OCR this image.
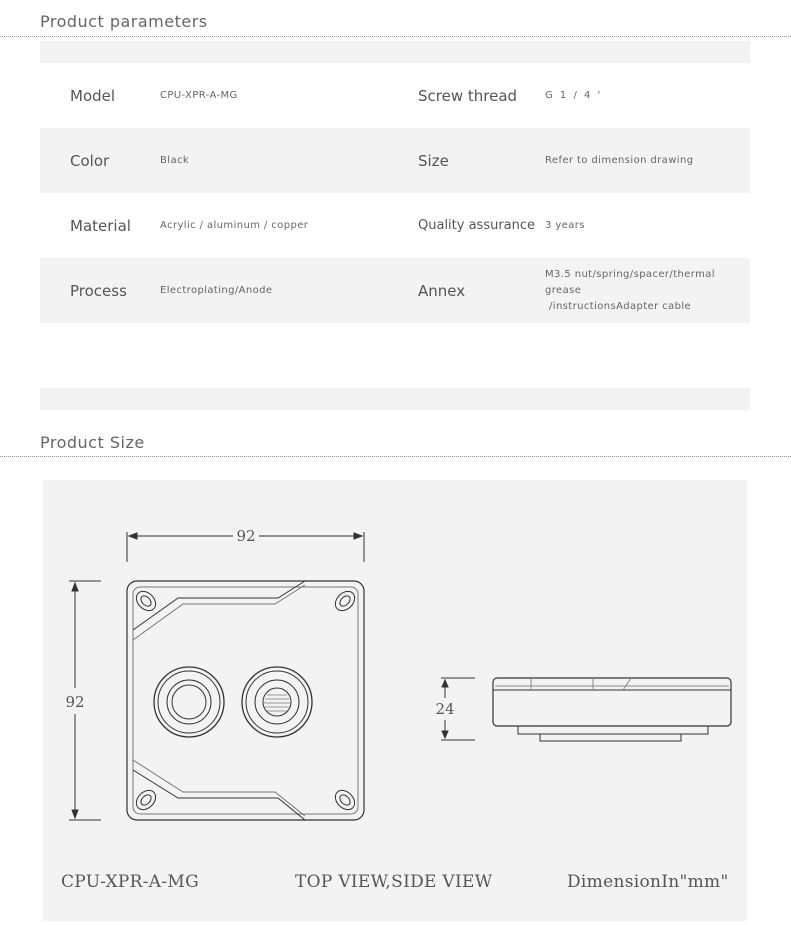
Product parameters
Model	CPU-XPR-A-MG	Screw thread	G 1 / 4 '
Color	Black	Size	Refer to dimension drawing
Material	Acrylic / aluminum / copper	Quality assurance 3 years
Process	Electroplating/Anode	Annex
M3.5 nut/spring/spacer/thermal grease
/instructionsAdapter cable
Product Size
92
92	24
CPU-XPR-A-MG	TOP VIEW,SIDE VIEW	DimensionIn"mm"
